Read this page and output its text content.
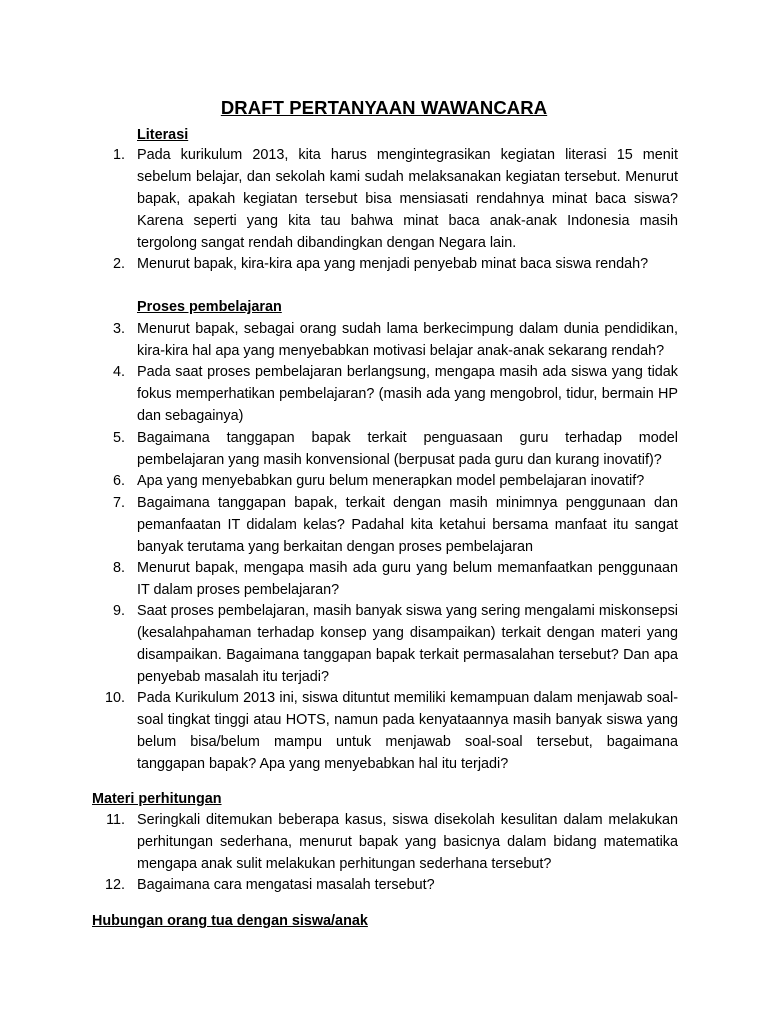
DRAFT PERTANYAAN WAWANCARA
Literasi
1. Pada kurikulum 2013, kita harus mengintegrasikan kegiatan literasi 15 menit sebelum belajar, dan sekolah kami sudah melaksanakan kegiatan tersebut. Menurut bapak, apakah kegiatan tersebut bisa mensiasati rendahnya minat baca siswa? Karena seperti yang kita tau bahwa minat baca anak-anak Indonesia masih tergolong sangat rendah dibandingkan dengan Negara lain.
2. Menurut bapak, kira-kira apa yang menjadi penyebab minat baca siswa rendah?
Proses pembelajaran
3. Menurut bapak, sebagai orang sudah lama berkecimpung dalam dunia pendidikan, kira-kira hal apa yang menyebabkan motivasi belajar anak-anak sekarang rendah?
4. Pada saat proses pembelajaran berlangsung, mengapa masih ada siswa yang tidak fokus memperhatikan pembelajaran? (masih ada yang mengobrol, tidur, bermain HP dan sebagainya)
5. Bagaimana tanggapan bapak terkait penguasaan guru terhadap model pembelajaran yang masih konvensional (berpusat pada guru dan kurang inovatif)?
6. Apa yang menyebabkan guru belum menerapkan model pembelajaran inovatif?
7. Bagaimana tanggapan bapak, terkait dengan masih minimnya penggunaan dan pemanfaatan IT didalam kelas? Padahal kita ketahui bersama manfaat itu sangat banyak terutama yang berkaitan dengan proses pembelajaran
8. Menurut bapak, mengapa masih ada guru yang belum memanfaatkan penggunaan IT dalam proses pembelajaran?
9. Saat proses pembelajaran, masih banyak siswa yang sering mengalami miskonsepsi (kesalahpahaman terhadap konsep yang disampaikan) terkait dengan materi yang disampaikan. Bagaimana tanggapan bapak terkait permasalahan tersebut? Dan apa penyebab masalah itu terjadi?
10. Pada Kurikulum 2013 ini, siswa dituntut memiliki kemampuan dalam menjawab soal-soal tingkat tinggi atau HOTS, namun pada kenyataannya masih banyak siswa yang belum bisa/belum mampu untuk menjawab soal-soal tersebut, bagaimana tanggapan bapak? Apa yang menyebabkan hal itu terjadi?
Materi perhitungan
11. Seringkali ditemukan beberapa kasus, siswa disekolah kesulitan dalam melakukan perhitungan sederhana, menurut bapak yang basicnya dalam bidang matematika mengapa anak sulit melakukan perhitungan sederhana tersebut?
12. Bagaimana cara mengatasi masalah tersebut?
Hubungan orang tua dengan siswa/anak
